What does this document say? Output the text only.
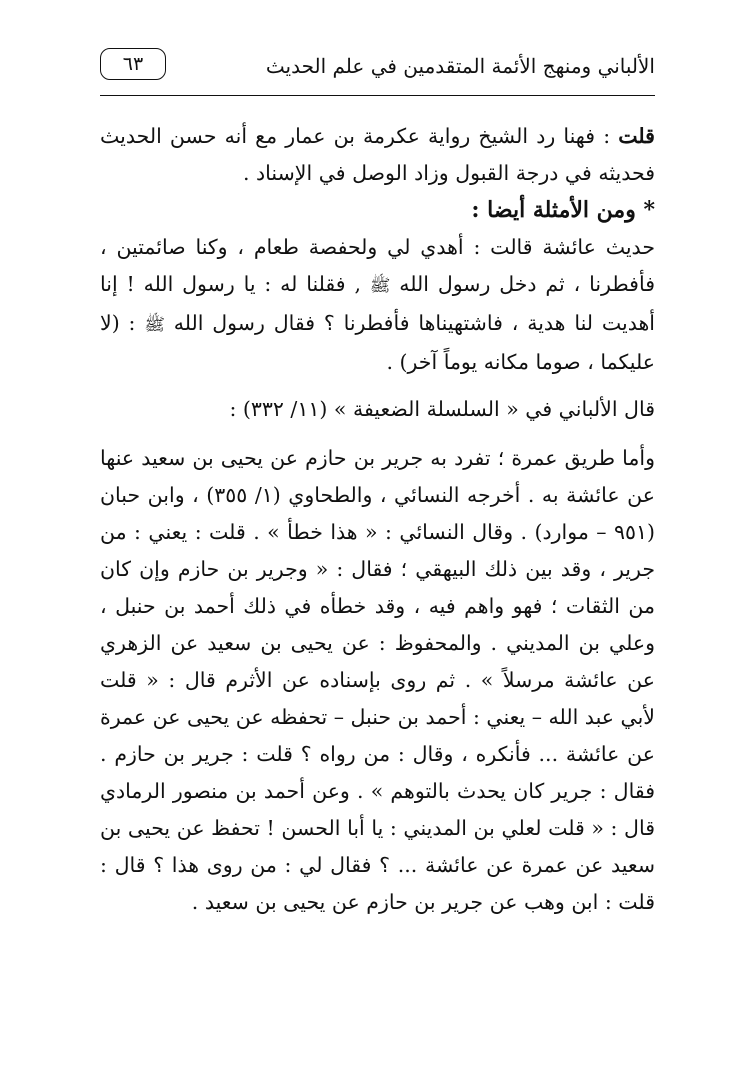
الألباني ومنهج الأئمة المتقدمين في علم الحديث
٦٣

قلت : فهنا رد الشيخ رواية عكرمة بن عمار مع أنه حسن الحديث فحديثه في درجة القبول وزاد الوصل في الإسناد .

* ومن الأمثلة أيضا :

حديث عائشة قالت : أهدي لي ولحفصة طعام ، وكنا صائمتين ، فأفطرنا ، ثم دخل رسول الله ﷺ , فقلنا له : يا رسول الله ! إنا أهديت لنا هدية ، فاشتهيناها فأفطرنا ؟ فقال رسول الله ﷺ : (لا عليكما ، صوما مكانه يوماً آخر) .

قال الألباني في « السلسلة الضعيفة » (١١/ ٣٣٢) :

وأما طريق عمرة ؛ تفرد به جرير بن حازم عن يحيى بن سعيد عنها عن عائشة به . أخرجه النسائي ، والطحاوي (١/ ٣٥٥) ، وابن حبان (٩٥١ – موارد) . وقال النسائي : « هذا خطأ » . قلت : يعني : من جرير ، وقد بين ذلك البيهقي ؛ فقال : « وجرير بن حازم وإن كان من الثقات ؛ فهو واهم فيه ، وقد خطأه في ذلك أحمد بن حنبل ، وعلي بن المديني . والمحفوظ : عن يحيى بن سعيد عن الزهري عن عائشة مرسلاً » . ثم روى بإسناده عن الأثرم قال : « قلت لأبي عبد الله – يعني : أحمد بن حنبل – تحفظه عن يحيى عن عمرة عن عائشة ... فأنكره ، وقال : من رواه ؟ قلت : جرير بن حازم . فقال : جرير كان يحدث بالتوهم » . وعن أحمد بن منصور الرمادي قال : « قلت لعلي بن المديني : يا أبا الحسن ! تحفظ عن يحيى بن سعيد عن عمرة عن عائشة ... ؟ فقال لي : من روى هذا ؟ قال : قلت : ابن وهب عن جرير بن حازم عن يحيى بن سعيد .
